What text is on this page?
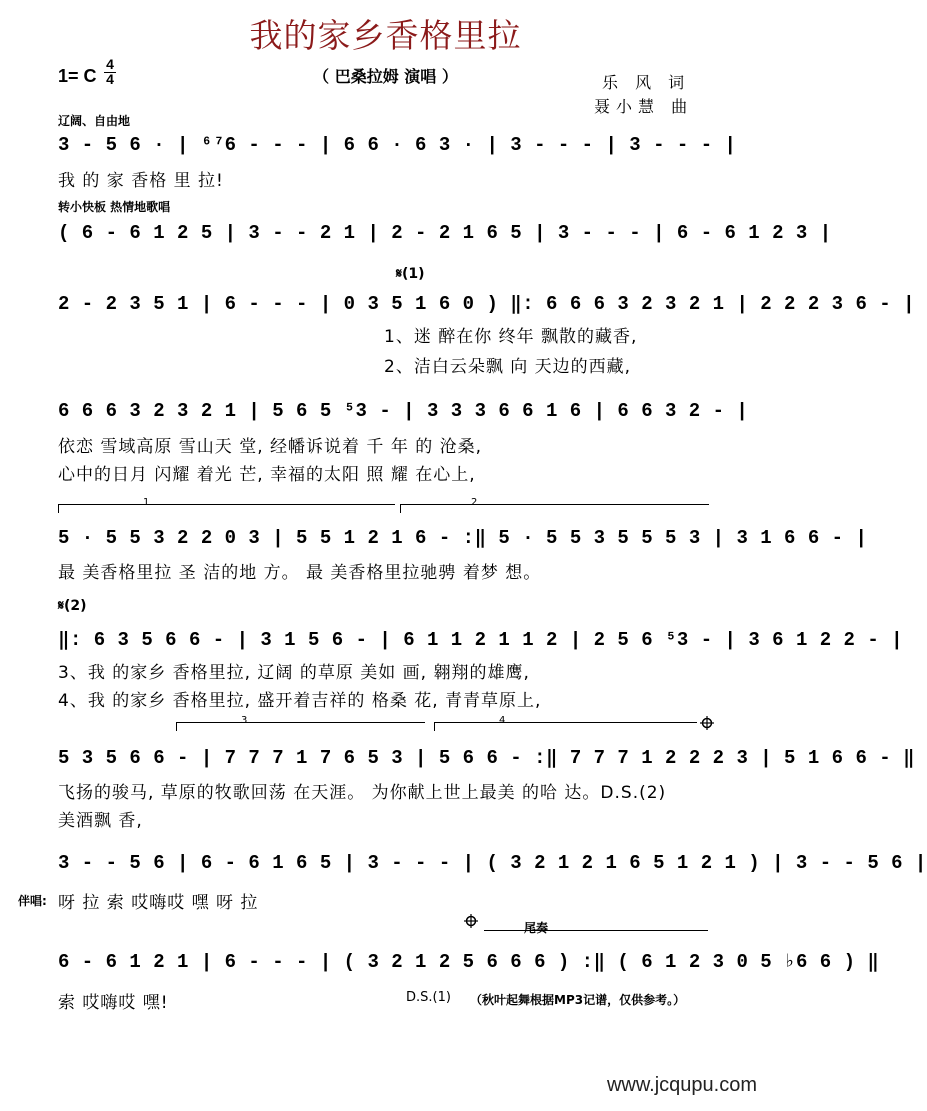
我的家乡香格里拉
（ 巴桑拉姆 演唱 ）
1= C
4
4	乐 风 词
聂小慧 曲
辽阔、自由地
3 - 5 6 · | ⁶⁷6 - - - | 6 6 · 6 3 · | 3 - - - | 3 - - - |
我 的 家 香格 里 拉!
转小快板 热情地歌唱
( 6 - 6 1 2 5 | 3 - - 2 1 | 2 - 2 1 6 5 | 3 - - - | 6 - 6 1 2 3 |
𝄋(1)
2 - 2 3 5 1 | 6 - - - | 0 3 5 1 6 0 ) ‖: 6 6 6 3 2 3 2 1 | 2 2 2 3 6 - |
1、迷 醉在你 终年 飘散的藏香,
2、洁白云朵飘 向 天边的西藏,
6 6 6 3 2 3 2 1 | 5 6 5 ⁵3 - | 3 3 3 6 6 1 6 | 6 6 3 2 - |
依恋 雪域高原 雪山天 堂, 经幡诉说着 千 年 的 沧桑,
心中的日月 闪耀 着光 芒, 幸福的太阳 照 耀 在心上,
1	2
5 · 5 5 3 2 2 0 3 | 5 5 1 2 1 6 - :‖ 5 · 5 5 3 5 5 5 3 | 3 1 6 6 - |
最 美香格里拉 圣 洁的地 方。 最 美香格里拉驰骋 着梦 想。
𝄋(2)
‖: 6 3 5 6 6 - | 3 1 5 6 - | 6 1 1 2 1 1 2 | 2 5 6 ⁵3 - | 3 6 1 2 2 - |
3、我 的家乡 香格里拉, 辽阔 的草原 美如 画, 翱翔的雄鹰,
4、我 的家乡 香格里拉, 盛开着吉祥的 格桑 花, 青青草原上,
3	4
5 3 5 6 6 - | 7 7 7 1 7 6 5 3 | 5 6 6 - :‖ 7 7 7 1 2 2 2 3 | 5 1 6 6 - ‖
飞扬的骏马, 草原的牧歌回荡 在天涯。 为你献上世上最美 的哈 达。D.S.(2)
美酒飘 香,
3 - - 5 6 | 6 - 6 1 6 5 | 3 - - - | ( 3 2 1 2 1 6 5 1 2 1 ) | 3 - - 5 6 |
伴唱: 呀 拉 索 哎嗨哎 嘿 呀 拉
尾奏
6 - 6 1 2 1 | 6 - - - | ( 3 2 1 2 5 6 6 6 ) :‖ ( 6 1 2 3 0 5 ♭6 6 ) ‖
索 哎嗨哎 嘿!	D.S.(1) （秋叶起舞根据MP3记谱，仅供参考。）
www.jcqupu.com
